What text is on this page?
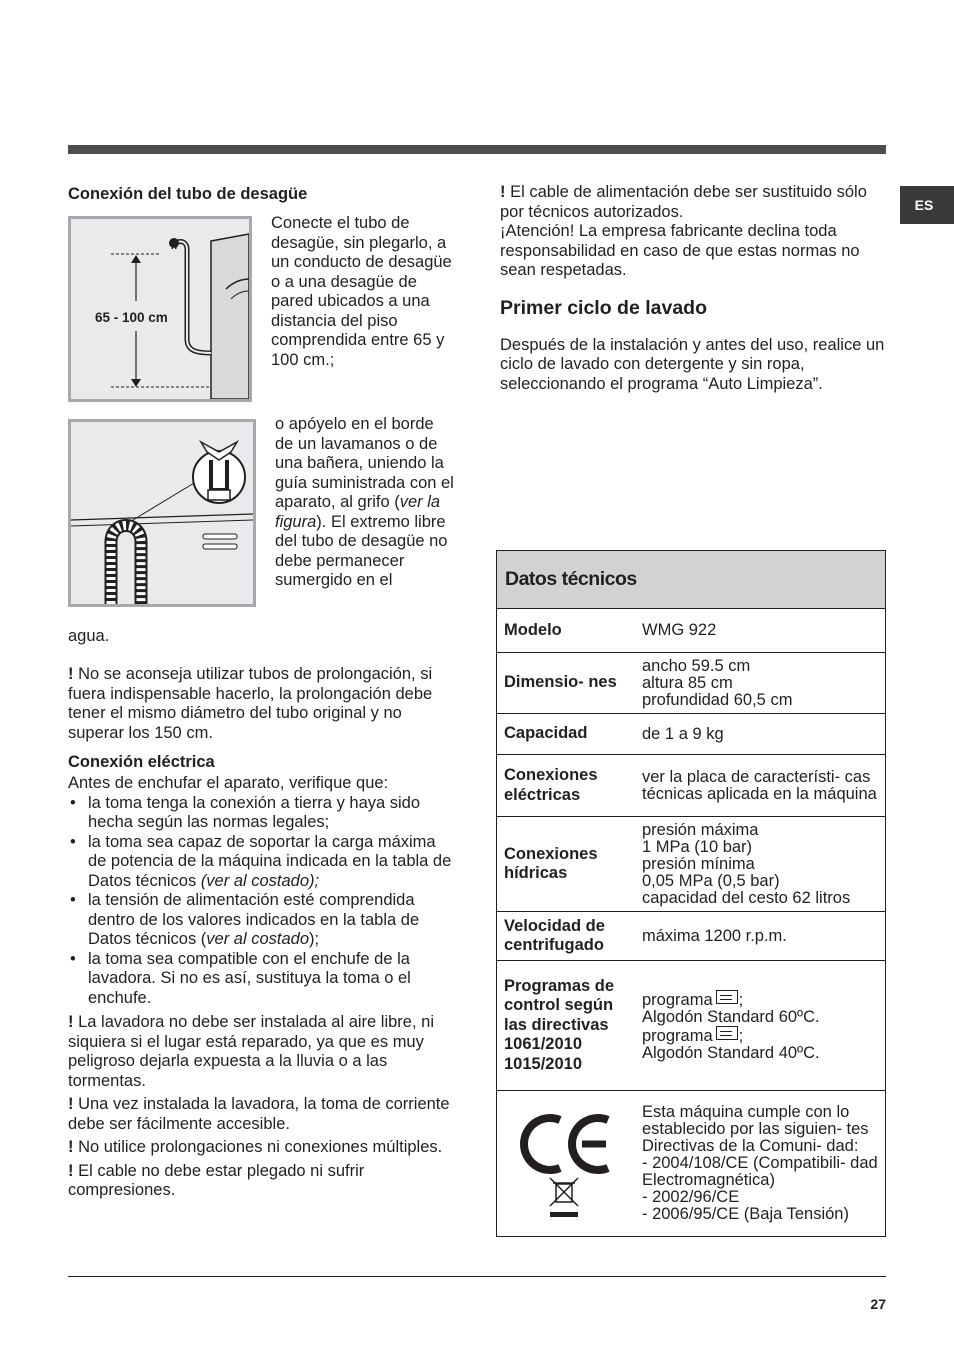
ES
Conexión del tubo de desagüe
65 - 100 cm
Conecte el tubo de desagüe, sin plegarlo, a un conducto de desagüe o a una desagüe de pared ubicados a una distancia del piso comprendida entre 65 y 100 cm.;
o apóyelo en el borde de un lavamanos o de una bañera, uniendo la guía suministrada con el aparato, al grifo (ver la figura). El extremo libre del tubo de desagüe no debe permanecer sumergido en el
agua.

! No se aconseja utilizar tubos de prolongación, si fuera indispensable hacerlo, la prolongación debe tener el mismo diámetro del tubo original y no superar los 150 cm.

Conexión eléctrica

Antes de enchufar el aparato, verifique que:

• la toma tenga la conexión a tierra y haya sido hecha según las normas legales;

• la toma sea capaz de soportar la carga máxima de potencia de la máquina indicada en la tabla de Datos técnicos (ver al costado);

• la tensión de alimentación esté comprendida dentro de los valores indicados en la tabla de Datos técnicos (ver al costado);

• la toma sea compatible con el enchufe de la lavadora. Si no es así, sustituya la toma o el enchufe.

! La lavadora no debe ser instalada al aire libre, ni siquiera si el lugar está reparado, ya que es muy peligroso dejarla expuesta a la lluvia o a las tormentas.

! Una vez instalada la lavadora, la toma de corriente debe ser fácilmente accesible.

! No utilice prolongaciones ni conexiones múltiples.

! El cable no debe estar plegado ni sufrir compresiones.

! El cable de alimentación debe ser sustituido sólo por técnicos autorizados.

¡Atención! La empresa fabricante declina toda responsabilidad en caso de que estas normas no sean respetadas.

Primer ciclo de lavado

Después de la instalación y antes del uso, realice un ciclo de lavado con detergente y sin ropa, seleccionando el programa “Auto Limpieza”.

Datos técnicos
Modelo	WMG 922
Dimensio- nes
ancho 59.5 cm
altura 85 cm
profundidad 60,5 cm
Capacidad	de 1 a 9 kg
Conexiones eléctricas
ver la placa de característi- cas técnicas aplicada en la máquina
Conexiones hídricas
presión máxima
1 MPa (10 bar)
presión mínima
0,05 MPa (0,5 bar)
capacidad del cesto 62 litros
Velocidad de centrifugado
máxima 1200 r.p.m.
Programas de control según las directivas 1061/2010 1015/2010
programa ;
Algodón Standard 60ºC.
programa ;
Algodón Standard 40ºC.
Esta máquina cumple con lo establecido por las siguien- tes Directivas de la Comuni- dad:
- 2004/108/CE (Compatibili- dad Electromagnética)
- 2002/96/CE
- 2006/95/CE (Baja Tensión)
27
